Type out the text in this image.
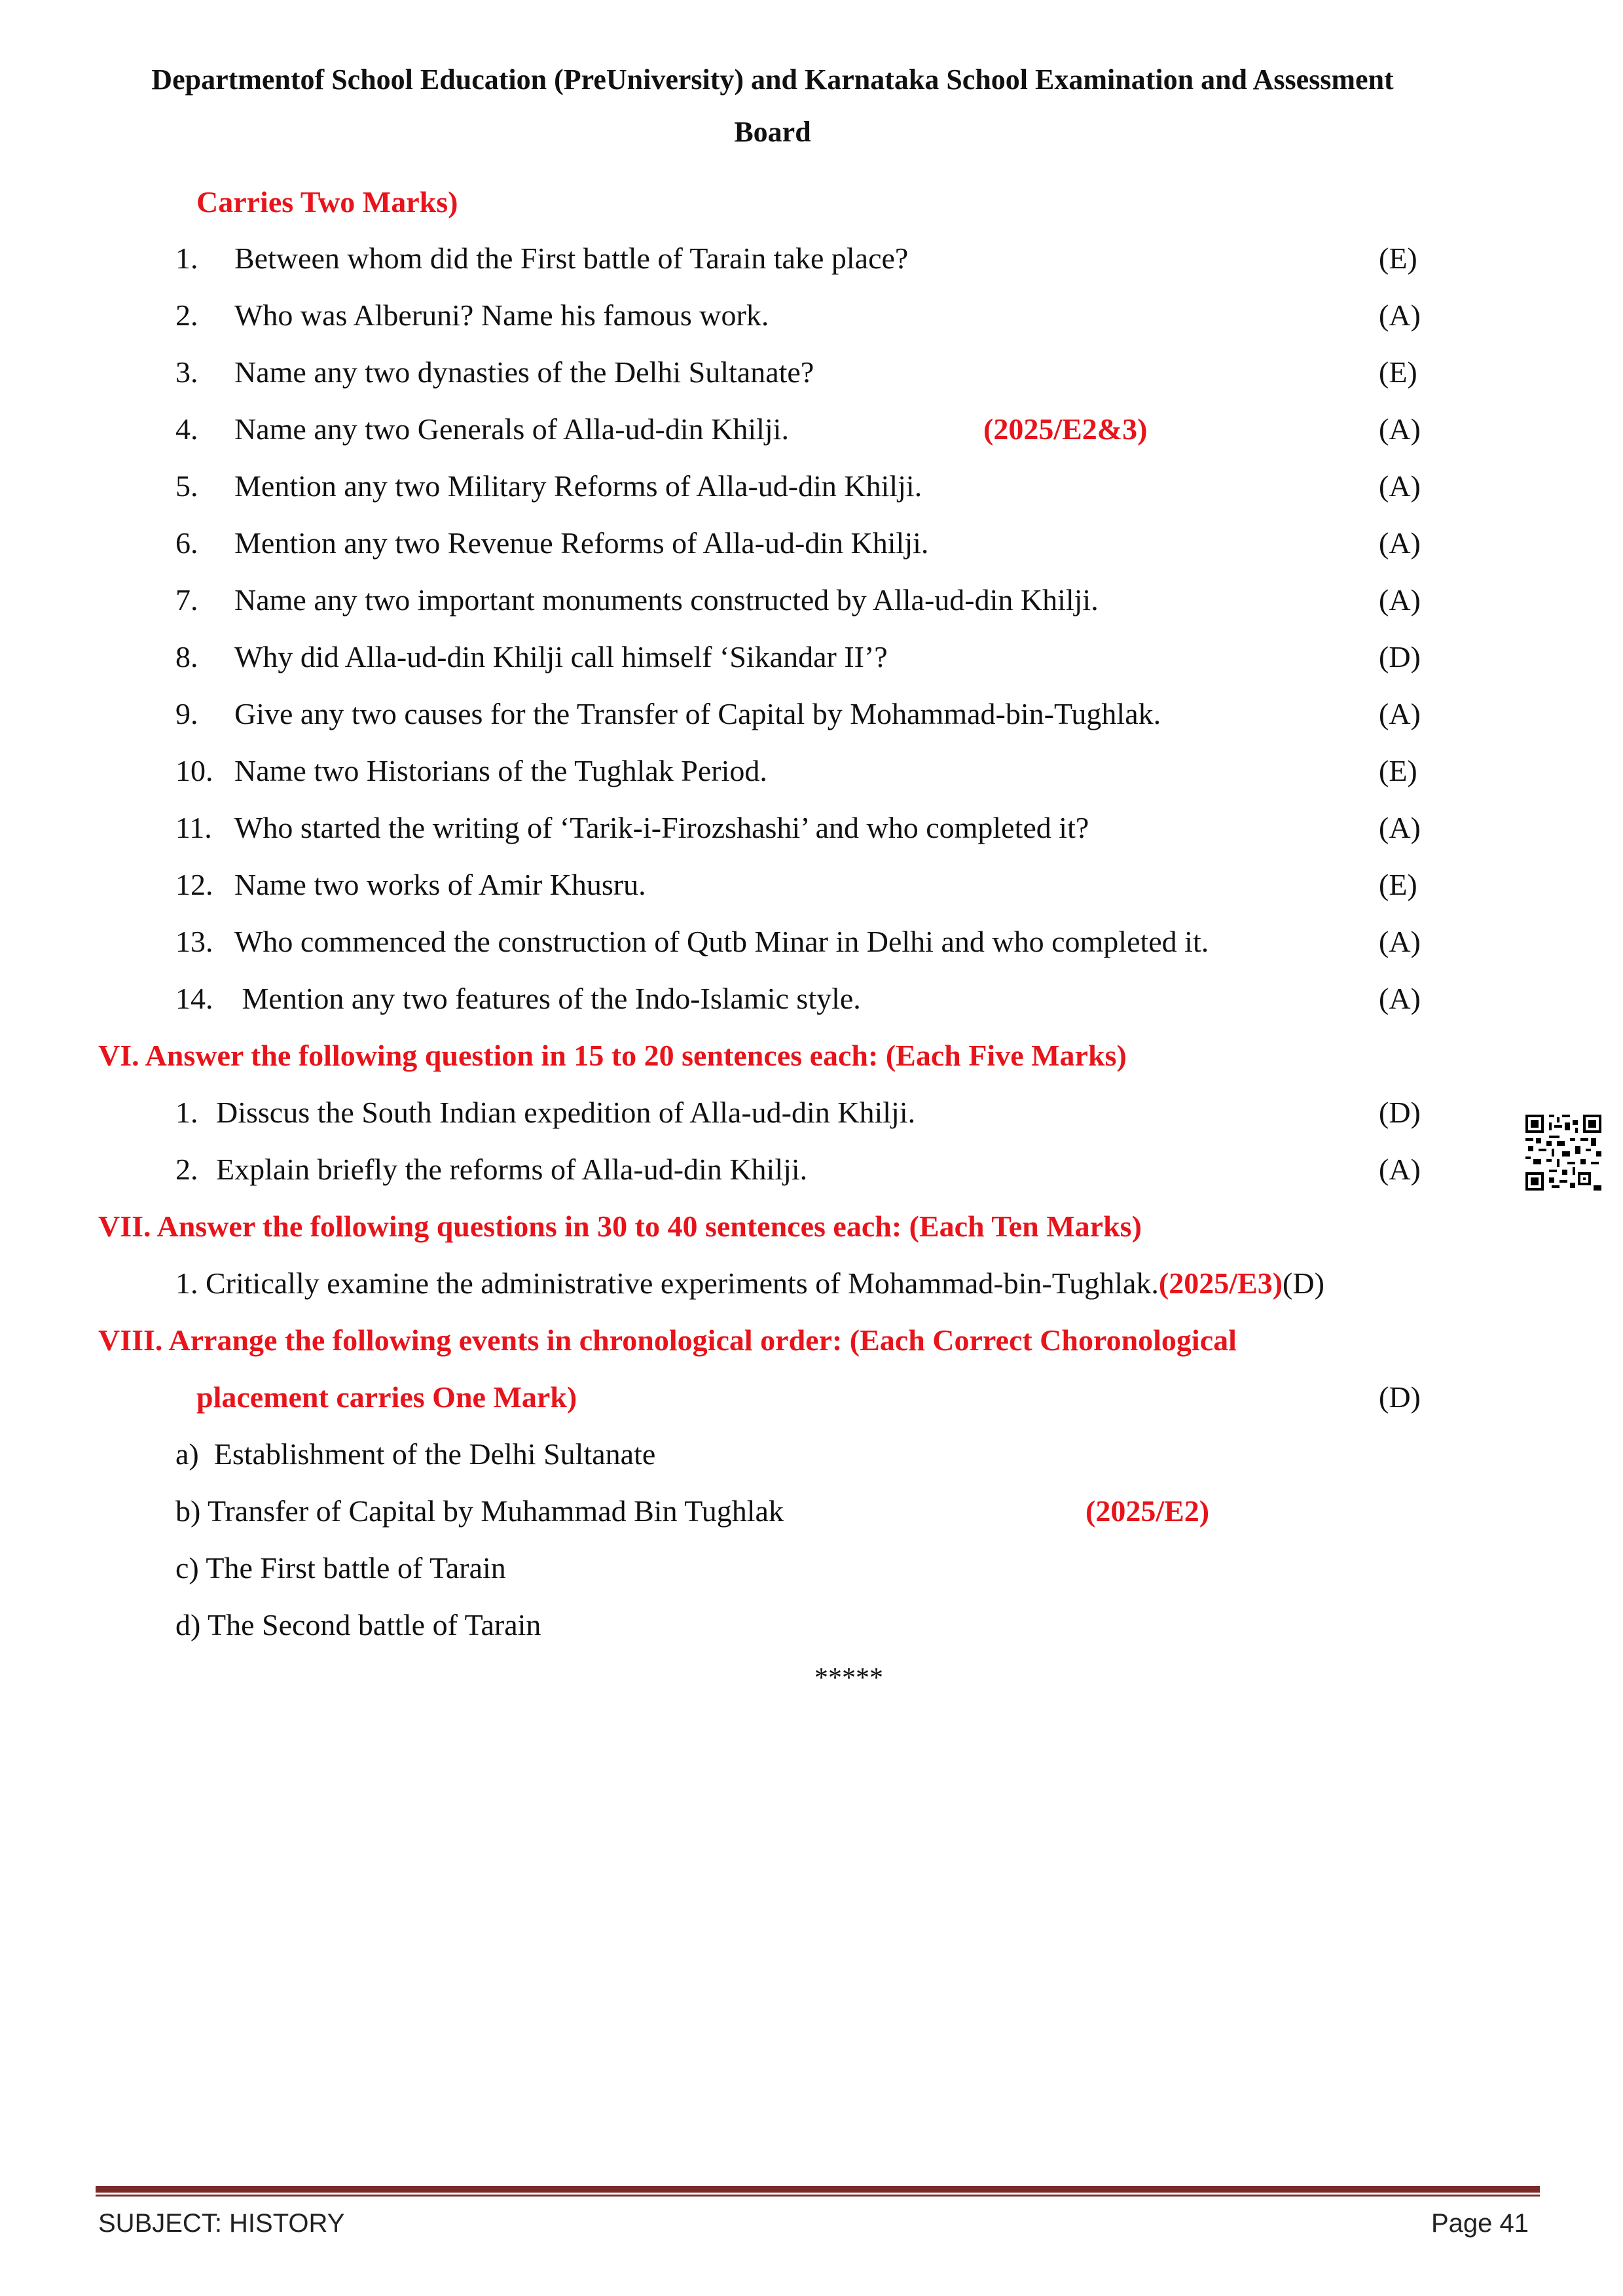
Departmentof School Education (PreUniversity) and Karnataka School Examination and Assessment
Board
Carries Two Marks)
1. Between whom did the First battle of Tarain take place?	(E)
2. Who was Alberuni? Name his famous work.	(A)
3. Name any two dynasties of the Delhi Sultanate?	(E)
4. Name any two Generals of Alla-ud-din Khilji.	(2025/E2&3)	(A)
5. Mention any two Military Reforms of Alla-ud-din Khilji.	(A)
6. Mention any two Revenue Reforms of Alla-ud-din Khilji.	(A)
7. Name any two important monuments constructed by Alla-ud-din Khilji.	(A)
8. Why did Alla-ud-din Khilji call himself ‘Sikandar II’?	(D)
9. Give any two causes for the Transfer of Capital by Mohammad-bin-Tughlak.	(A)
10. Name two Historians of the Tughlak Period.	(E)
11. Who started the writing of ‘Tarik-i-Firozshashi’ and who completed it?	(A)
12. Name two works of Amir Khusru.	(E)
13. Who commenced the construction of Qutb Minar in Delhi and who completed it.	(A)
14. Mention any two features of the Indo-Islamic style.	(A)
VI. Answer the following question in 15 to 20 sentences each: (Each Five Marks)
1. Disscus the South Indian expedition of Alla-ud-din Khilji.	(D)
2. Explain briefly the reforms of Alla-ud-din Khilji.	(A)
VII. Answer the following questions in 30 to 40 sentences each: (Each Ten Marks)
1. Critically examine the administrative experiments of Mohammad-bin-Tughlak.(2025/E3)(D)
VIII. Arrange the following events in chronological order: (Each Correct Choronological
placement carries One Mark)	(D)
a)  Establishment of the Delhi Sultanate
b) Transfer of Capital by Muhammad Bin Tughlak	(2025/E2)
c) The First battle of Tarain
d) The Second battle of Tarain
*****
SUBJECT: HISTORY	Page 41
